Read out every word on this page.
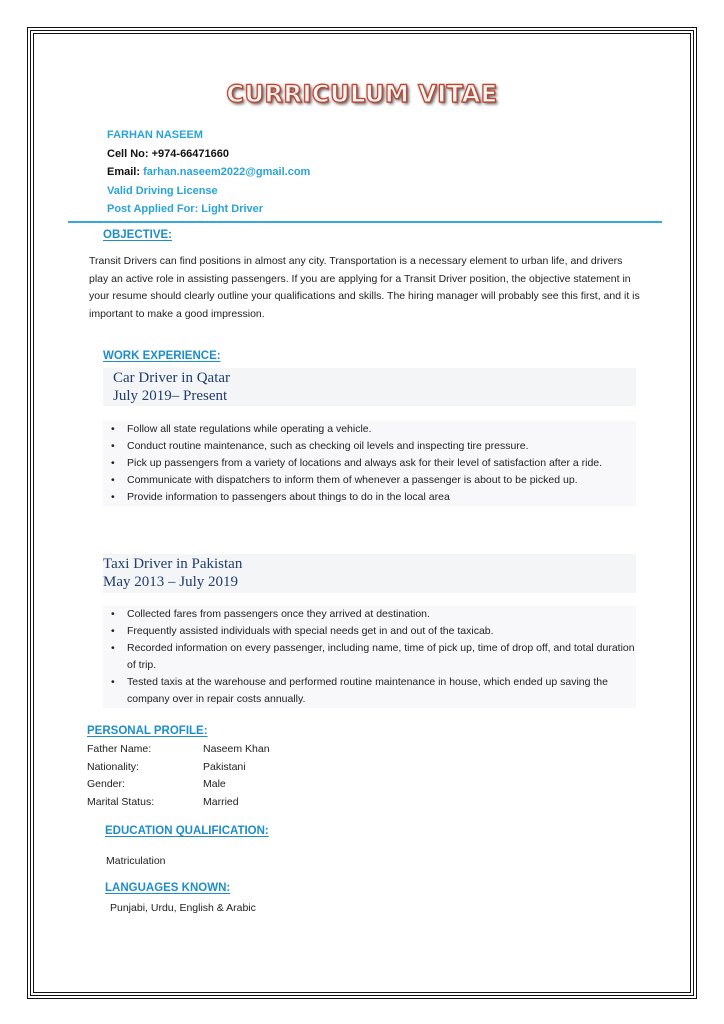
CURRICULUM VITAE
FARHAN NASEEM
Cell No: +974-66471660
Email: farhan.naseem2022@gmail.com
Valid Driving License
Post Applied For: Light Driver
OBJECTIVE:
Transit Drivers can find positions in almost any city. Transportation is a necessary element to urban life, and drivers play an active role in assisting passengers. If you are applying for a Transit Driver position, the objective statement in your resume should clearly outline your qualifications and skills. The hiring manager will probably see this first, and it is important to make a good impression.
WORK EXPERIENCE:
Car Driver in Qatar
July 2019– Present
• Follow all state regulations while operating a vehicle.
• Conduct routine maintenance, such as checking oil levels and inspecting tire pressure.
• Pick up passengers from a variety of locations and always ask for their level of satisfaction after a ride.
• Communicate with dispatchers to inform them of whenever a passenger is about to be picked up.
• Provide information to passengers about things to do in the local area
Taxi Driver in Pakistan
May 2013 – July 2019
• Collected fares from passengers once they arrived at destination.
• Frequently assisted individuals with special needs get in and out of the taxicab.
• Recorded information on every passenger, including name, time of pick up, time of drop off, and total duration of trip.
• Tested taxis at the warehouse and performed routine maintenance in house, which ended up saving the company over in repair costs annually.
PERSONAL PROFILE:
Father Name:	Naseem Khan
Nationality:	Pakistani
Gender:	Male
Marital Status:	Married
EDUCATION QUALIFICATION:
Matriculation
LANGUAGES KNOWN:
Punjabi, Urdu, English & Arabic
